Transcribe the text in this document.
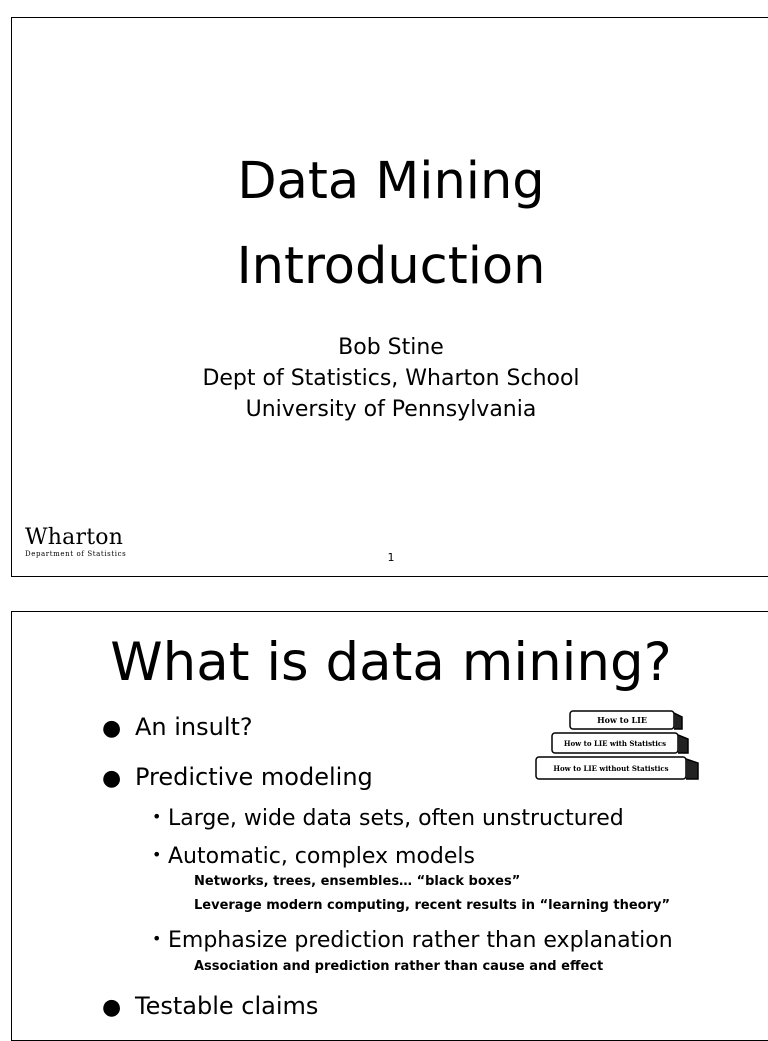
Data Mining
Introduction
Bob Stine
Dept of Statistics, Wharton School
University of Pennsylvania
Wharton
Department of Statistics	1
What is data mining?
● An insult?
● Predictive modeling
• Large, wide data sets, often unstructured
• Automatic, complex models
Networks, trees, ensembles… “black boxes”
Leverage modern computing, recent results in “learning theory”
• Emphasize prediction rather than explanation
Association and prediction rather than cause and effect
● Testable claims
How to LIE
How to LIE with Statistics
How to LIE without Statistics
